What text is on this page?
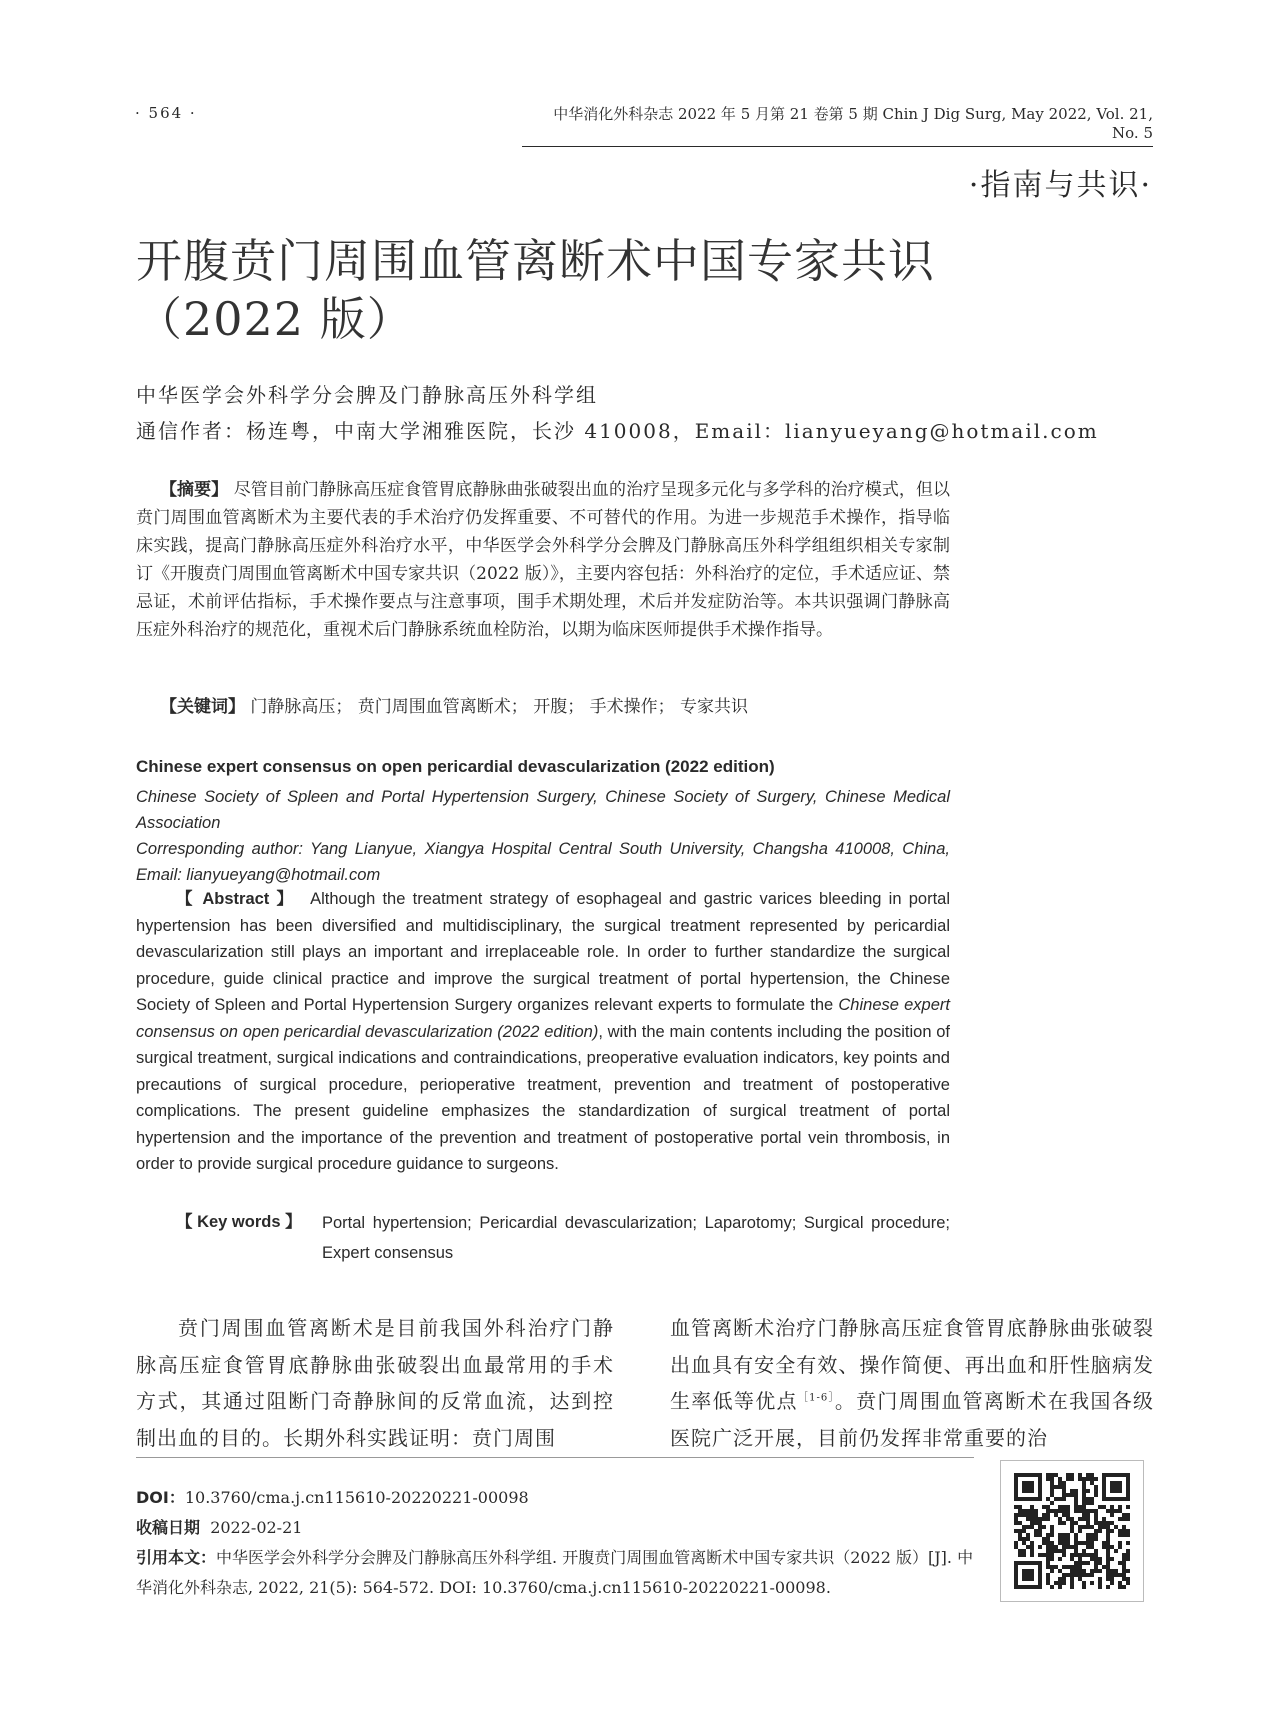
· 564 ·	中华消化外科杂志 2022 年 5 月第 21 卷第 5 期 Chin J Dig Surg, May 2022, Vol. 21, No. 5
·指南与共识·
开腹贲门周围血管离断术中国专家共识
（2022 版）
中华医学会外科学分会脾及门静脉高压外科学组
通信作者：杨连粤，中南大学湘雅医院，长沙 410008，Email：lianyueyang@hotmail.com
【摘要】 尽管目前门静脉高压症食管胃底静脉曲张破裂出血的治疗呈现多元化与多学科的治疗模式，但以贲门周围血管离断术为主要代表的手术治疗仍发挥重要、不可替代的作用。为进一步规范手术操作，指导临床实践，提高门静脉高压症外科治疗水平，中华医学会外科学分会脾及门静脉高压外科学组组织相关专家制订《开腹贲门周围血管离断术中国专家共识（2022 版）》，主要内容包括：外科治疗的定位，手术适应证、禁忌证，术前评估指标，手术操作要点与注意事项，围手术期处理，术后并发症防治等。本共识强调门静脉高压症外科治疗的规范化，重视术后门静脉系统血栓防治，以期为临床医师提供手术操作指导。
【关键词】 门静脉高压； 贲门周围血管离断术； 开腹； 手术操作； 专家共识
Chinese expert consensus on open pericardial devascularization (2022 edition)
Chinese Society of Spleen and Portal Hypertension Surgery, Chinese Society of Surgery, Chinese Medical Association
Corresponding author: Yang Lianyue, Xiangya Hospital Central South University, Changsha 410008, China, Email: lianyueyang@hotmail.com
【 Abstract 】 Although the treatment strategy of esophageal and gastric varices bleeding in portal hypertension has been diversified and multidisciplinary, the surgical treatment represented by pericardial devascularization still plays an important and irreplaceable role. In order to further standardize the surgical procedure, guide clinical practice and improve the surgical treatment of portal hypertension, the Chinese Society of Spleen and Portal Hypertension Surgery organizes relevant experts to formulate the Chinese expert consensus on open pericardial devascularization (2022 edition), with the main contents including the position of surgical treatment, surgical indications and contraindications, preoperative evaluation indicators, key points and precautions of surgical procedure, perioperative treatment, prevention and treatment of postoperative complications. The present guideline emphasizes the standardization of surgical treatment of portal hypertension and the importance of the prevention and treatment of postoperative portal vein thrombosis, in order to provide surgical procedure guidance to surgeons.
【 Key words 】 Portal hypertension; Pericardial devascularization; Laparotomy; Surgical procedure; Expert consensus
贲门周围血管离断术是目前我国外科治疗门静脉高压症食管胃底静脉曲张破裂出血最常用的手术方式，其通过阻断门奇静脉间的反常血流，达到控制出血的目的。长期外科实践证明：贲门周围
血管离断术治疗门静脉高压症食管胃底静脉曲张破裂出血具有安全有效、操作简便、再出血和肝性脑病发生率低等优点$^{[1-6]}$。贲门周围血管离断术在我国各级医院广泛开展，目前仍发挥非常重要的治
DOI：10.3760/cma.j.cn115610-20220221-00098
收稿日期 2022-02-21
引用本文：中华医学会外科学分会脾及门静脉高压外科学组. 开腹贲门周围血管离断术中国专家共识（2022 版）[J]. 中华消化外科杂志, 2022, 21(5): 564-572. DOI: 10.3760/cma.j.cn115610-20220221-00098.
